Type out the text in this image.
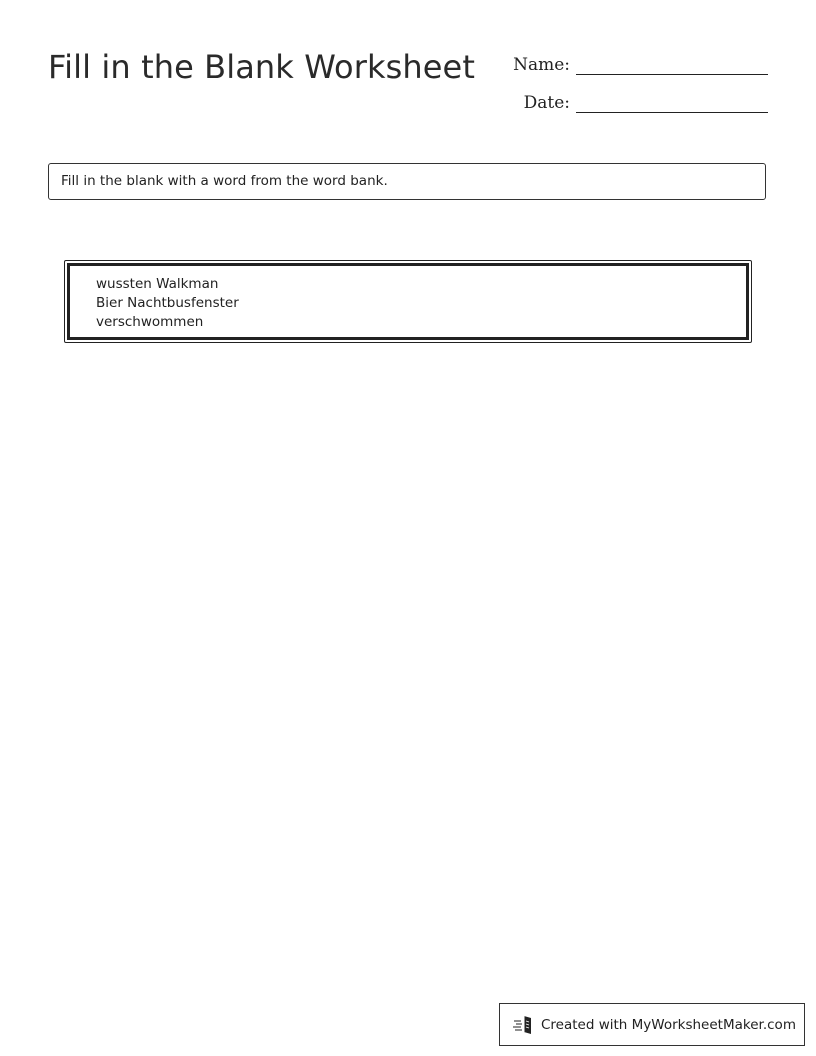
Fill in the Blank Worksheet Name:
Date:
Fill in the blank with a word from the word bank.
wussten Walkman
Bier Nachtbusfenster
verschwommen
Created with MyWorksheetMaker.com
